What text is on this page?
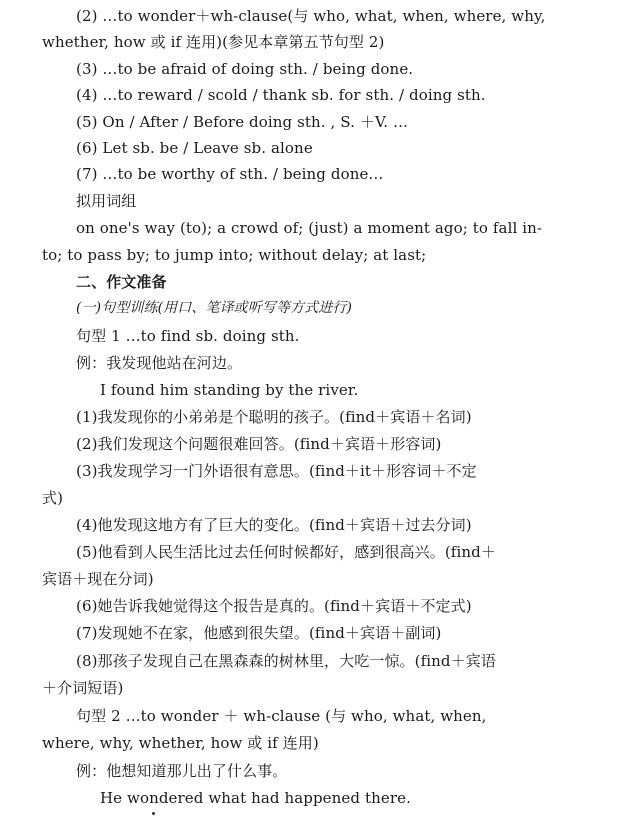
(2) …to wonder＋wh-clause(与 who, what, when, where, why,
whether, how 或 if 连用)(参见本章第五节句型 2)
(3) …to be afraid of doing sth. / being done.
(4) …to reward / scold / thank sb. for sth. / doing sth.
(5) On / After / Before doing sth. , S. ＋V. …
(6) Let sb. be / Leave sb. alone
(7) …to be worthy of sth. / being done…
拟用词组
on one's way (to); a crowd of; (just) a moment ago; to fall in-
to; to pass by; to jump into; without delay; at last;
二、作文准备
(一)句型训练(用口、笔译或听写等方式进行)
句型 1 …to find sb. doing sth.
例：我发现他站在河边。
I found him standing by the river.
(1)我发现你的小弟弟是个聪明的孩子。(find＋宾语＋名词)
(2)我们发现这个问题很难回答。(find＋宾语＋形容词)
(3)我发现学习一门外语很有意思。(find＋it＋形容词＋不定
式)
(4)他发现这地方有了巨大的变化。(find＋宾语＋过去分词)
(5)他看到人民生活比过去任何时候都好，感到很高兴。(find＋
宾语＋现在分词)
(6)她告诉我她觉得这个报告是真的。(find＋宾语＋不定式)
(7)发现她不在家，他感到很失望。(find＋宾语＋副词)
(8)那孩子发现自己在黑森森的树林里，大吃一惊。(find＋宾语
＋介词短语)
句型 2 …to wonder ＋ wh-clause (与 who, what, when,
where, why, whether, how 或 if 连用)
例：他想知道那儿出了什么事。
He wondered what had happened there.
